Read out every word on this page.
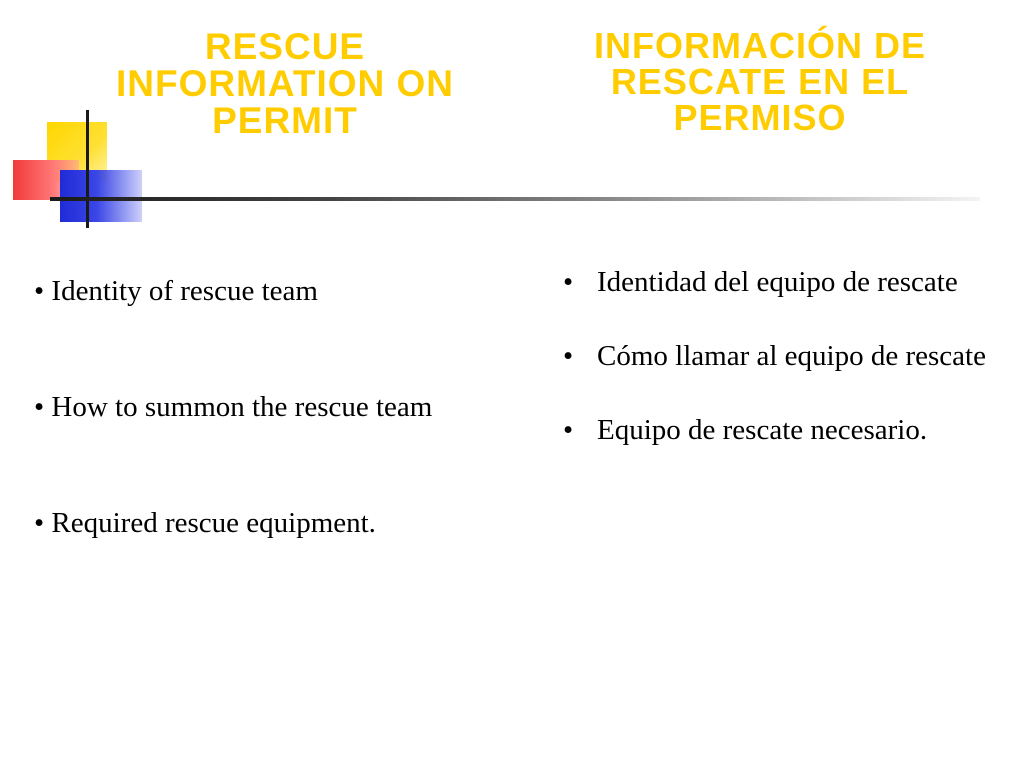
RESCUE INFORMATION ON PERMIT
INFORMACIÓN DE RESCATE EN EL PERMISO

• Identity of rescue team

• How to summon the rescue team

• Required rescue equipment.

• Identidad del equipo de rescate

• Cómo llamar al equipo de rescate

• Equipo de rescate necesario.
